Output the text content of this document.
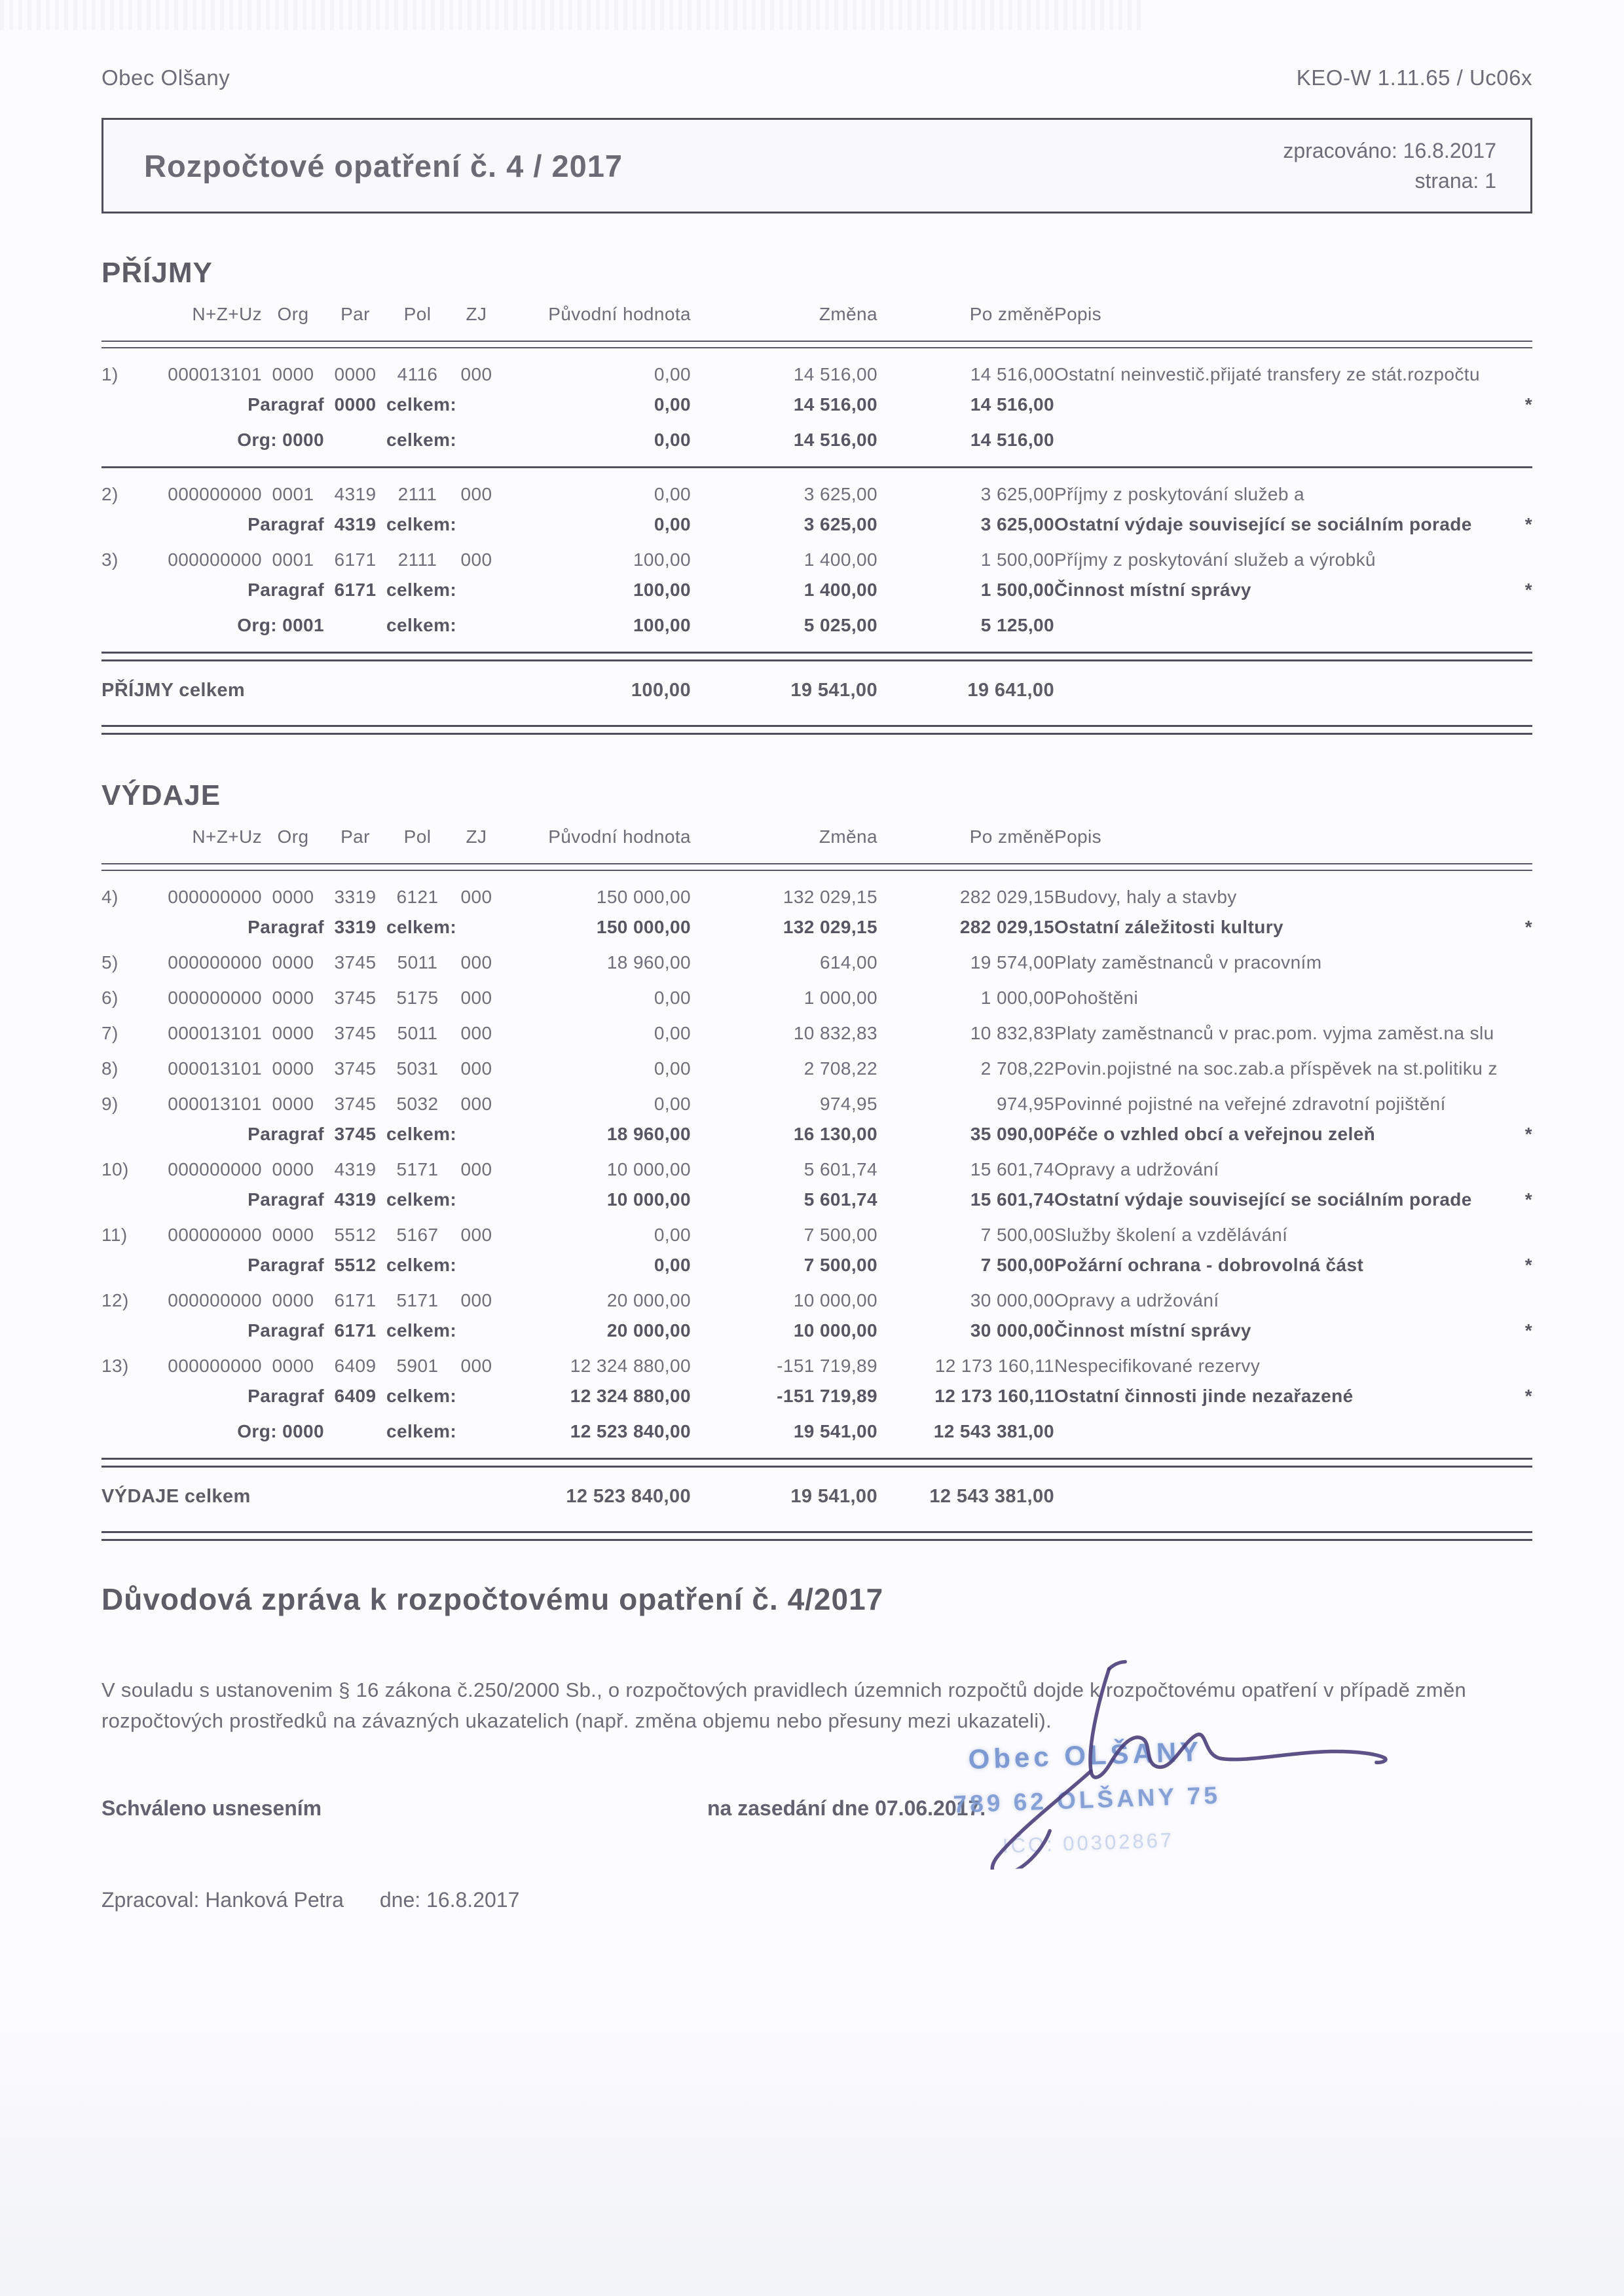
Obec Olšany	KEO-W 1.11.65 / Uc06x
Rozpočtové opatření č. 4 / 2017	zpracováno: 16.8.2017
strana: 1
PŘÍJMY
	N+Z+Uz	Org	Par	Pol	ZJ	Původní hodnota	Změna	Po změně	Popis	

1)	000013101	0000	0000	4116	000	0,00	14 516,00	14 516,00	Ostatní neinvestič.přijaté transfery ze stát.rozpočtu	
Paragraf			0000	celkem:		0,00	14 516,00	14 516,00		*
Org: 0000				celkem:		0,00	14 516,00	14 516,00		

2)	000000000	0001	4319	2111	000	0,00	3 625,00	3 625,00	Příjmy z poskytování služeb a	
Paragraf			4319	celkem:		0,00	3 625,00	3 625,00	Ostatní výdaje související se sociálním porade	*
3)	000000000	0001	6171	2111	000	100,00	1 400,00	1 500,00	Příjmy z poskytování služeb a výrobků	
Paragraf			6171	celkem:		100,00	1 400,00	1 500,00	Činnost místní správy	*
Org: 0001				celkem:		100,00	5 025,00	5 125,00		

PŘÍJMY celkem						100,00	19 541,00	19 641,00		

VÝDAJE
	N+Z+Uz	Org	Par	Pol	ZJ	Původní hodnota	Změna	Po změně	Popis	

4)	000000000	0000	3319	6121	000	150 000,00	132 029,15	282 029,15	Budovy, haly a stavby	
Paragraf			3319	celkem:		150 000,00	132 029,15	282 029,15	Ostatní záležitosti kultury	*
5)	000000000	0000	3745	5011	000	18 960,00	614,00	19 574,00	Platy zaměstnanců v pracovním	
6)	000000000	0000	3745	5175	000	0,00	1 000,00	1 000,00	Pohoštěni	
7)	000013101	0000	3745	5011	000	0,00	10 832,83	10 832,83	Platy zaměstnanců v prac.pom. vyjma zaměst.na slu	
8)	000013101	0000	3745	5031	000	0,00	2 708,22	2 708,22	Povin.pojistné na soc.zab.a příspěvek na st.politiku z	
9)	000013101	0000	3745	5032	000	0,00	974,95	974,95	Povinné pojistné na veřejné zdravotní pojištění	
Paragraf			3745	celkem:		18 960,00	16 130,00	35 090,00	Péče o vzhled obcí a veřejnou zeleň	*
10)	000000000	0000	4319	5171	000	10 000,00	5 601,74	15 601,74	Opravy a udržování	
Paragraf			4319	celkem:		10 000,00	5 601,74	15 601,74	Ostatní výdaje související se sociálním porade	*
11)	000000000	0000	5512	5167	000	0,00	7 500,00	7 500,00	Služby školení a vzdělávání	
Paragraf			5512	celkem:		0,00	7 500,00	7 500,00	Požární ochrana - dobrovolná část	*
12)	000000000	0000	6171	5171	000	20 000,00	10 000,00	30 000,00	Opravy a udržování	
Paragraf			6171	celkem:		20 000,00	10 000,00	30 000,00	Činnost místní správy	*
13)	000000000	0000	6409	5901	000	12 324 880,00	-151 719,89	12 173 160,11	Nespecifikované rezervy	
Paragraf			6409	celkem:		12 324 880,00	-151 719,89	12 173 160,11	Ostatní činnosti jinde nezařazené	*
Org: 0000				celkem:		12 523 840,00	19 541,00	12 543 381,00		

VÝDAJE celkem						12 523 840,00	19 541,00	12 543 381,00		

Důvodová zpráva k rozpočtovému opatření č. 4/2017
V souladu s ustanovenim § 16 zákona č.250/2000 Sb., o rozpočtových pravidlech územnich rozpočtů dojde k rozpočtovému opatření v případě změn rozpočtových prostředků na závazných ukazatelich (např. změna objemu nebo přesuny mezi ukazateli).
Schváleno usnesením	na zasedání dne 07.06.2017.
Zpracoval: Hanková Petra dne: 16.8.2017
Obec OLŠANY
789 62 OLŠANY 75
IČO: 00302867
